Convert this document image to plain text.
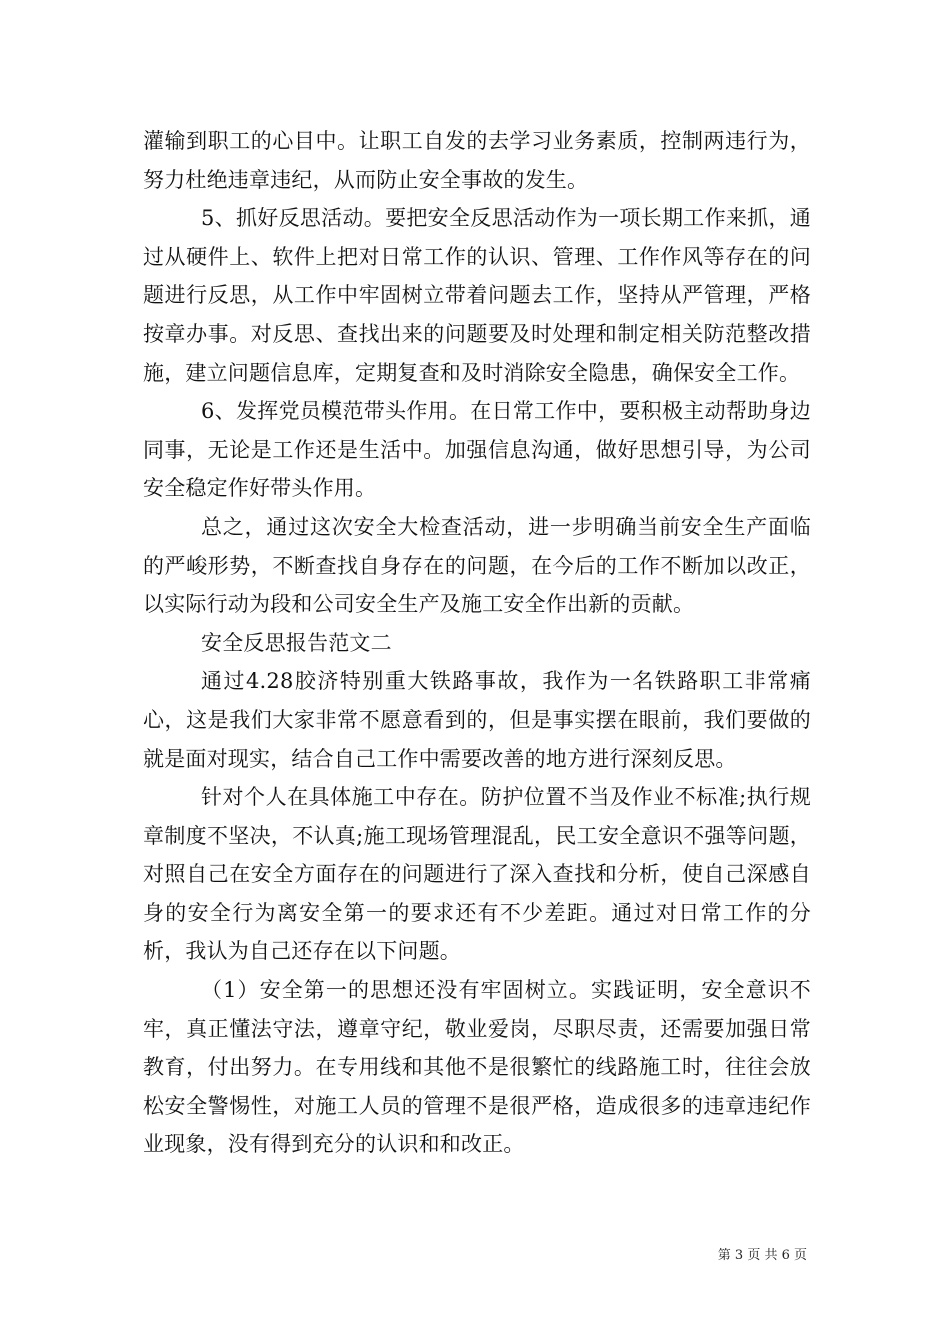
灌输到职工的心目中。让职工自发的去学习业务素质，控制两违行为，努力杜绝违章违纪，从而防止安全事故的发生。

5、抓好反思活动。要把安全反思活动作为一项长期工作来抓，通过从硬件上、软件上把对日常工作的认识、管理、工作作风等存在的问题进行反思，从工作中牢固树立带着问题去工作，坚持从严管理，严格按章办事。对反思、查找出来的问题要及时处理和制定相关防范整改措施，建立问题信息库，定期复查和及时消除安全隐患，确保安全工作。

6、发挥党员模范带头作用。在日常工作中，要积极主动帮助身边同事，无论是工作还是生活中。加强信息沟通，做好思想引导，为公司安全稳定作好带头作用。

总之，通过这次安全大检查活动，进一步明确当前安全生产面临的严峻形势，不断查找自身存在的问题，在今后的工作不断加以改正，以实际行动为段和公司安全生产及施工安全作出新的贡献。

安全反思报告范文二

通过4.28胶济特别重大铁路事故，我作为一名铁路职工非常痛心，这是我们大家非常不愿意看到的，但是事实摆在眼前，我们要做的就是面对现实，结合自己工作中需要改善的地方进行深刻反思。

针对个人在具体施工中存在。防护位置不当及作业不标准;执行规章制度不坚决，不认真;施工现场管理混乱，民工安全意识不强等问题，对照自己在安全方面存在的问题进行了深入查找和分析，使自己深感自身的安全行为离安全第一的要求还有不少差距。通过对日常工作的分析，我认为自己还存在以下问题。

（1）安全第一的思想还没有牢固树立。实践证明，安全意识不牢，真正懂法守法，遵章守纪，敬业爱岗，尽职尽责，还需要加强日常教育，付出努力。在专用线和其他不是很繁忙的线路施工时，往往会放松安全警惕性，对施工人员的管理不是很严格，造成很多的违章违纪作业现象，没有得到充分的认识和和改正。

第 3 页 共 6 页
